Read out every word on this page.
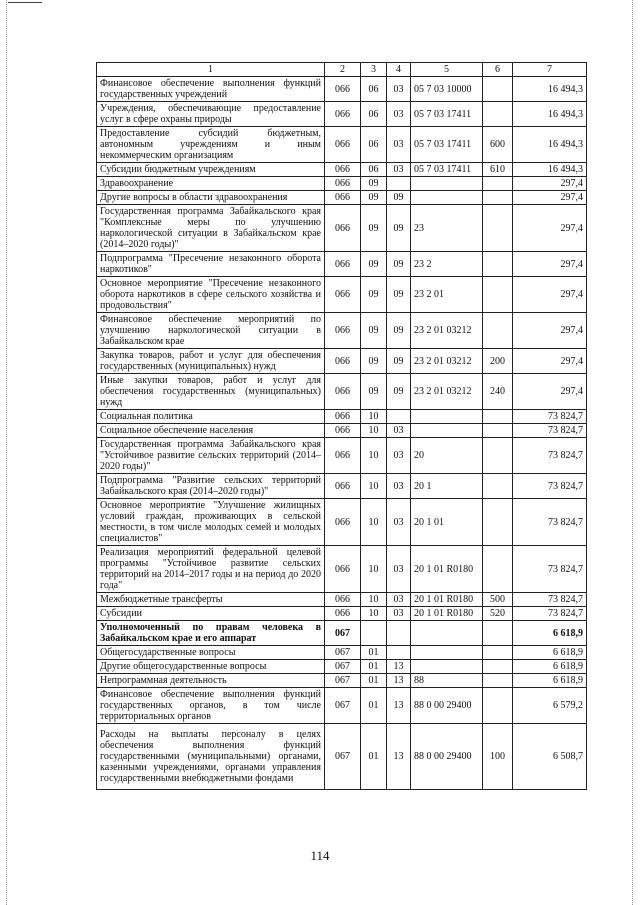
1	2	3	4	5	6	7
Финансовое обеспечение выполнения функций государственных учреждений	066	06	03	05 7 03 10000		16 494,3
Учреждения, обеспечивающие предоставление услуг в сфере охраны природы	066	06	03	05 7 03 17411		16 494,3
Предоставление субсидий бюджетным, автономным учреждениям и иным некоммерческим организациям	066	06	03	05 7 03 17411	600	16 494,3
Субсидии бюджетным учреждениям	066	06	03	05 7 03 17411	610	16 494,3
Здравоохранение	066	09				297,4
Другие вопросы в области здравоохранения	066	09	09			297,4
Государственная программа Забайкальского края "Комплексные меры по улучшению наркологической ситуации в Забайкальском крае (2014–2020 годы)"	066	09	09	23		297,4
Подпрограмма "Пресечение незаконного оборота наркотиков"	066	09	09	23 2		297,4
Основное мероприятие "Пресечение незаконного оборота наркотиков в сфере сельского хозяйства и продовольствия"	066	09	09	23 2 01		297,4
Финансовое обеспечение мероприятий по улучшению наркологической ситуации в Забайкальском крае	066	09	09	23 2 01 03212		297,4
Закупка товаров, работ и услуг для обеспечения государственных (муниципальных) нужд	066	09	09	23 2 01 03212	200	297,4
Иные закупки товаров, работ и услуг для обеспечения государственных (муниципальных) нужд	066	09	09	23 2 01 03212	240	297,4
Социальная политика	066	10				73 824,7
Социальное обеспечение населения	066	10	03			73 824,7
Государственная программа Забайкальского края "Устойчивое развитие сельских территорий (2014–2020 годы)"	066	10	03	20		73 824,7
Подпрограмма "Развитие сельских территорий Забайкальского края (2014–2020 годы)"	066	10	03	20 1		73 824,7
Основное мероприятие "Улучшение жилищных условий граждан, проживающих в сельской местности, в том числе молодых семей и молодых специалистов"	066	10	03	20 1 01		73 824,7
Реализация мероприятий федеральной целевой программы "Устойчивое развитие сельских территорий на 2014–2017 годы и на период до 2020 года"	066	10	03	20 1 01 R0180		73 824,7
Межбюджетные трансферты	066	10	03	20 1 01 R0180	500	73 824,7
Субсидии	066	10	03	20 1 01 R0180	520	73 824,7
Уполномоченный по правам человека в Забайкальском крае и его аппарат	067					6 618,9
Общегосударственные вопросы	067	01				6 618,9
Другие общегосударственные вопросы	067	01	13			6 618,9
Непрограммная деятельность	067	01	13	88		6 618,9
Финансовое обеспечение выполнения функций государственных органов, в том числе территориальных органов	067	01	13	88 0 00 29400		6 579,2
Расходы на выплаты персоналу в целях обеспечения выполнения функций государственными (муниципальными) органами, казенными учреждениями, органами управления государственными внебюджетными фондами	067	01	13	88 0 00 29400	100	6 508,7
114
